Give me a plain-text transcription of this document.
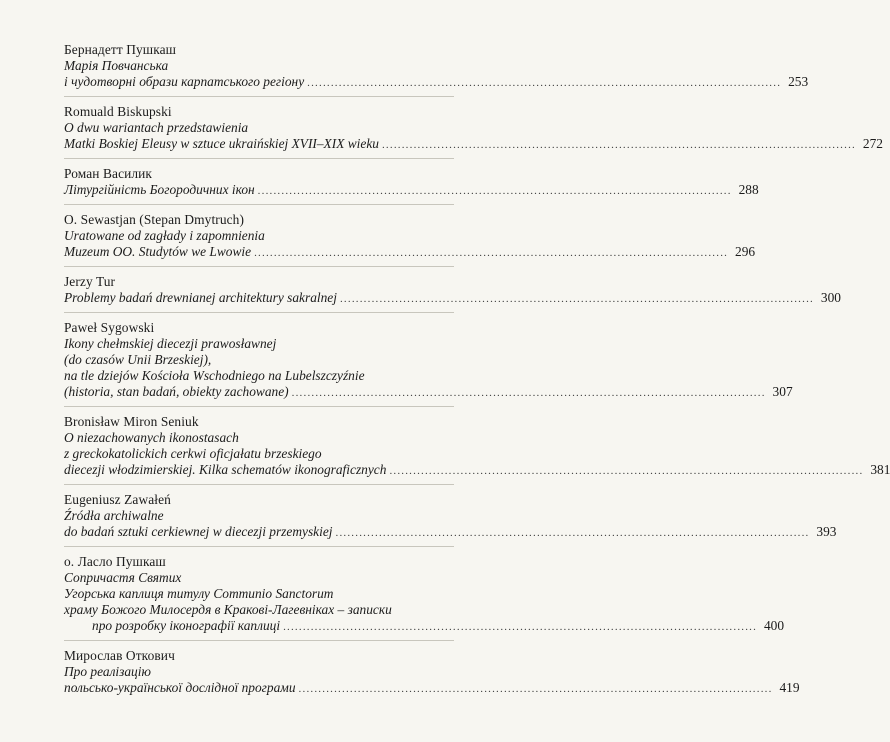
Бернадетт Пушкаш
Марія Повчанська
і чудотворні образи карпатського регіону ........................................................................................................................ 253
Romuald Biskupski
O dwu wariantach przedstawienia
Matki Boskiej Eleusy w sztuce ukraińskiej XVII–XIX wieku ........................................................................................................................ 272
Роман Василик
Літургійність Богородичних ікон ........................................................................................................................ 288
O. Sewastjan (Stepan Dmytruch)
Uratowane od zagłady i zapomnienia
Muzeum OO. Studytów we Lwowie ........................................................................................................................ 296
Jerzy Tur
Problemy badań drewnianej architektury sakralnej ........................................................................................................................ 300
Paweł Sygowski
Ikony chełmskiej diecezji prawosławnej
(do czasów Unii Brzeskiej),
na tle dziejów Kościoła Wschodniego na Lubelszczyźnie
(historia, stan badań, obiekty zachowane) ........................................................................................................................ 307
Bronisław Miron Seniuk
O niezachowanych ikonostasach
z greckokatolickich cerkwi oficjałatu brzeskiego
diecezji włodzimierskiej. Kilka schematów ikonograficznych ........................................................................................................................ 381
Eugeniusz Zawałeń
Źródła archiwalne
do badań sztuki cerkiewnej w diecezji przemyskiej ........................................................................................................................ 393
о. Ласло Пушкаш
Сопричастя Святих
Угорська каплиця титулу Communio Sanctorum
храму Божого Милосердя в Кракові-Лагевніках – записки
про розробку іконографії каплиці ........................................................................................................................ 400
Мирослав Откович
Про реалізацію
польсько-української дослідної програми ........................................................................................................................ 419
